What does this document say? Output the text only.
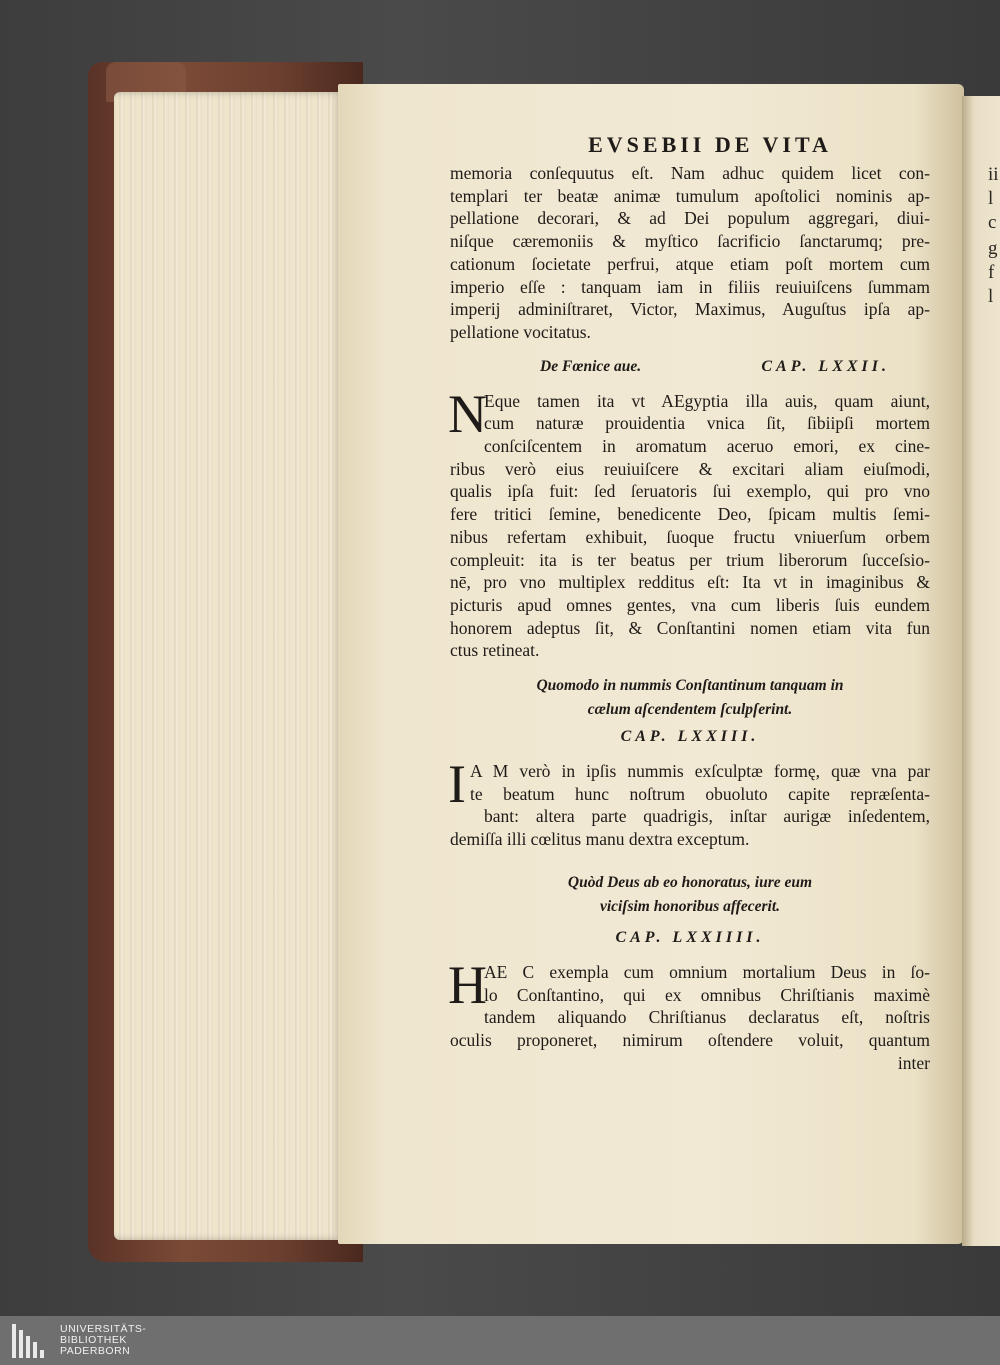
ii
l
c
g
f
l
EVSEBII DE VITA
memoria conſequutus eſt. Nam adhuc quidem licet con-
templari ter beatæ animæ tumulum apoſtolici nominis ap-
pellatione decorari, & ad Dei populum aggregari, diui-
niſque cæremoniis & myſtico ſacrificio ſanctarumq; pre-
cationum ſocietate perfrui, atque etiam poſt mortem cum
imperio eſſe : tanquam iam in filiis reuiuiſcens ſummam
imperij adminiſtraret, Victor, Maximus, Auguſtus ipſa ap-
pellatione vocitatus.
De Fœnice aue.	CAP. LXXII.
N
Eque tamen ita vt AEgyptia illa auis, quam aiunt,
cum naturæ prouidentia vnica ſit, ſibiipſi mortem
conſciſcentem in aromatum aceruo emori, ex cine-
ribus verò eius reuiuiſcere & excitari aliam eiuſmodi,
qualis ipſa fuit: ſed ſeruatoris ſui exemplo, qui pro vno
fere tritici ſemine, benedicente Deo, ſpicam multis ſemi-
nibus refertam exhibuit, ſuoque fructu vniuerſum orbem
compleuit: ita is ter beatus per trium liberorum ſucceſsio-
nē, pro vno multiplex redditus eſt: Ita vt in imaginibus &
picturis apud omnes gentes, vna cum liberis ſuis eundem
honorem adeptus ſit, & Conſtantini nomen etiam vita fun
ctus retineat.
Quomodo in nummis Conſtantinum tanquam in
cælum aſcendentem ſculpſerint.
CAP. LXXIII.
I A M verò in ipſis nummis exſculptæ formę, quæ vna par
te beatum hunc noſtrum obuoluto capite repræſenta-
bant: altera parte quadrigis, inſtar aurigæ inſedentem,
demiſſa illi cœlitus manu dextra exceptum.
Quòd Deus ab eo honoratus, iure eum
viciſsim honoribus affecerit.
CAP. LXXIIII.
H
AE C exempla cum omnium mortalium Deus in ſo-
lo Conſtantino, qui ex omnibus Chriſtianis maximè
tandem aliquando Chriſtianus declaratus eſt, noſtris
oculis proponeret, nimirum oſtendere voluit, quantum
inter
UNIVERSITÄTS-
BIBLIOTHEK
PADERBORN
